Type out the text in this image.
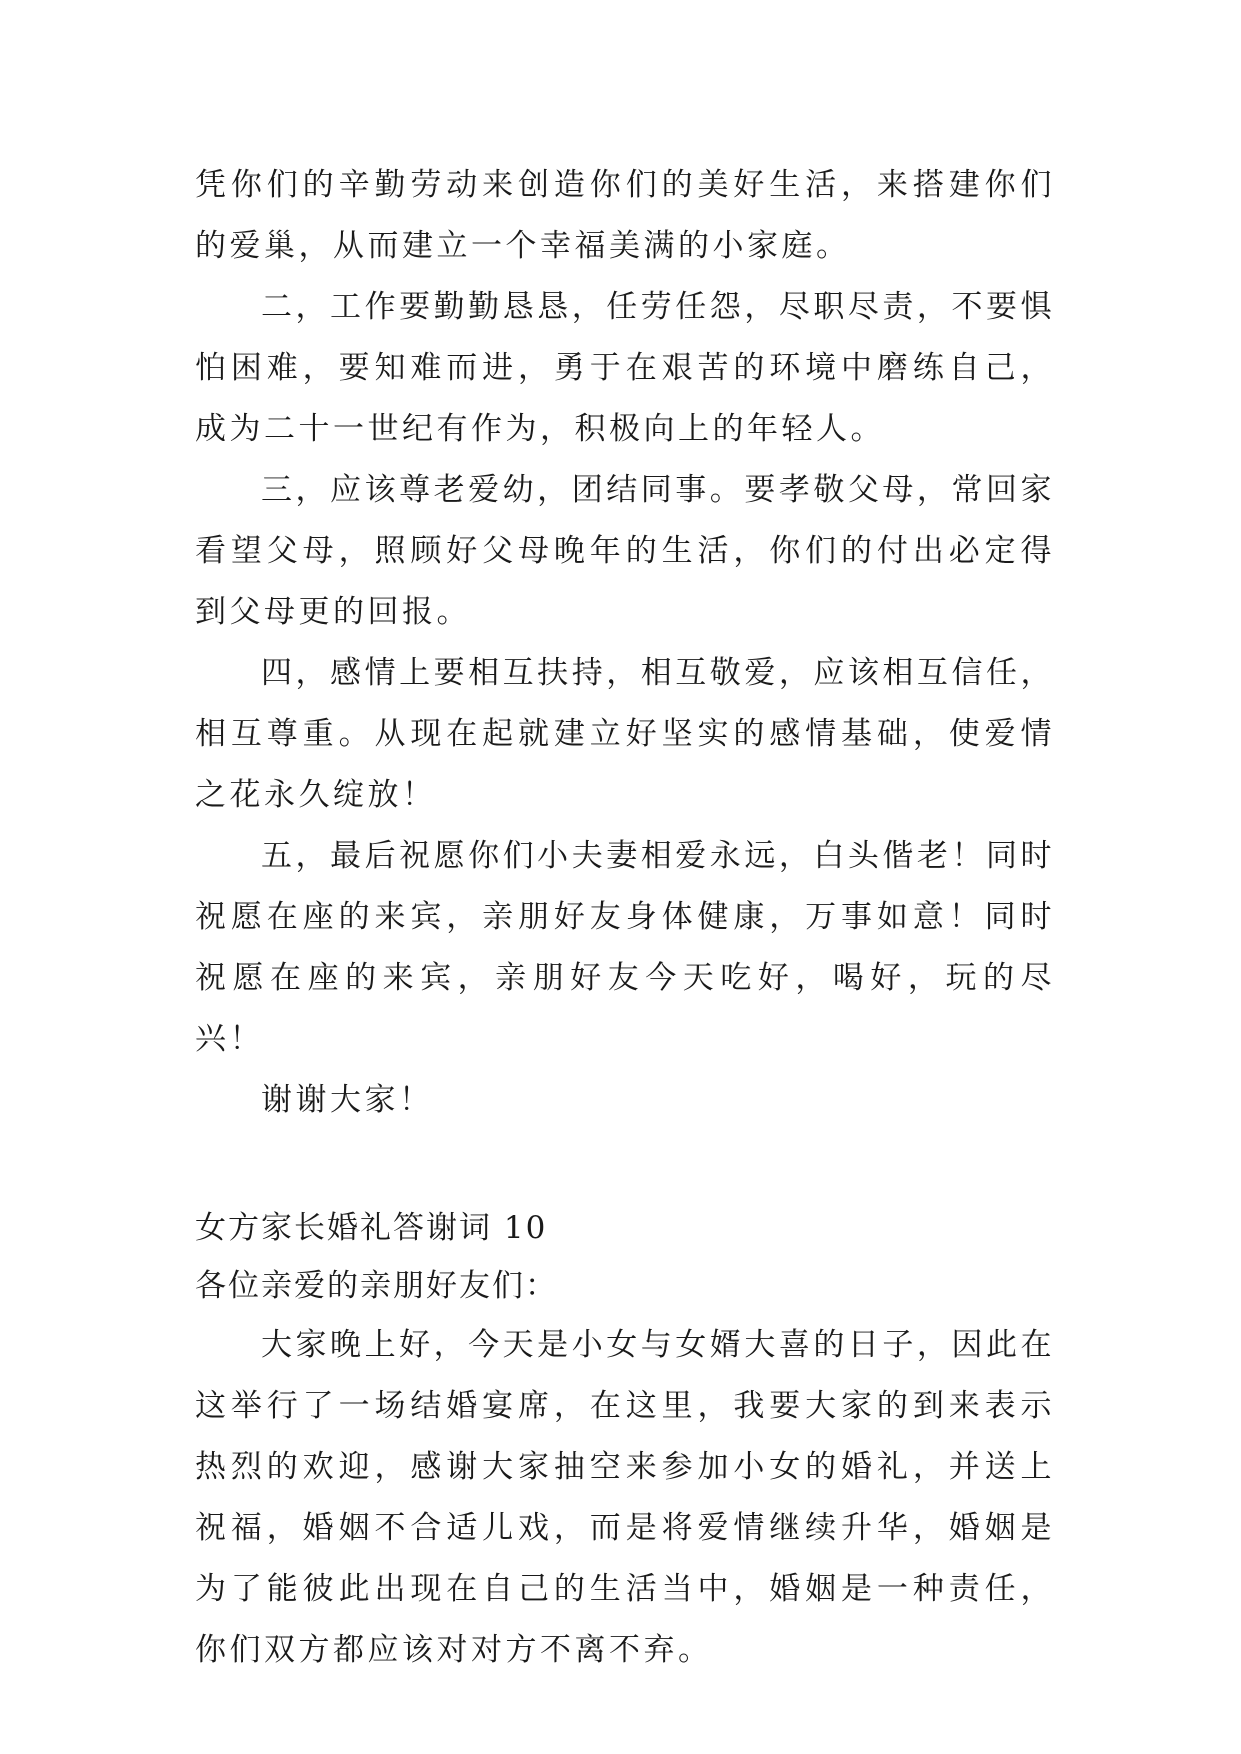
凭你们的辛勤劳动来创造你们的美好生活，来搭建你们的爱巢，从而建立一个幸福美满的小家庭。

二，工作要勤勤恳恳，任劳任怨，尽职尽责，不要惧怕困难，要知难而进，勇于在艰苦的环境中磨练自己，成为二十一世纪有作为，积极向上的年轻人。

三，应该尊老爱幼，团结同事。要孝敬父母，常回家看望父母，照顾好父母晚年的生活，你们的付出必定得到父母更的回报。

四，感情上要相互扶持，相互敬爱，应该相互信任，相互尊重。从现在起就建立好坚实的感情基础，使爱情之花永久绽放！

五，最后祝愿你们小夫妻相爱永远，白头偕老！同时祝愿在座的来宾，亲朋好友身体健康，万事如意！同时祝愿在座的来宾，亲朋好友今天吃好，喝好，玩的尽兴！

谢谢大家！

女方家长婚礼答谢词 10

各位亲爱的亲朋好友们：

大家晚上好，今天是小女与女婿大喜的日子，因此在这举行了一场结婚宴席，在这里，我要大家的到来表示热烈的欢迎，感谢大家抽空来参加小女的婚礼，并送上祝福，婚姻不合适儿戏，而是将爱情继续升华，婚姻是为了能彼此出现在自己的生活当中，婚姻是一种责任，你们双方都应该对对方不离不弃。
